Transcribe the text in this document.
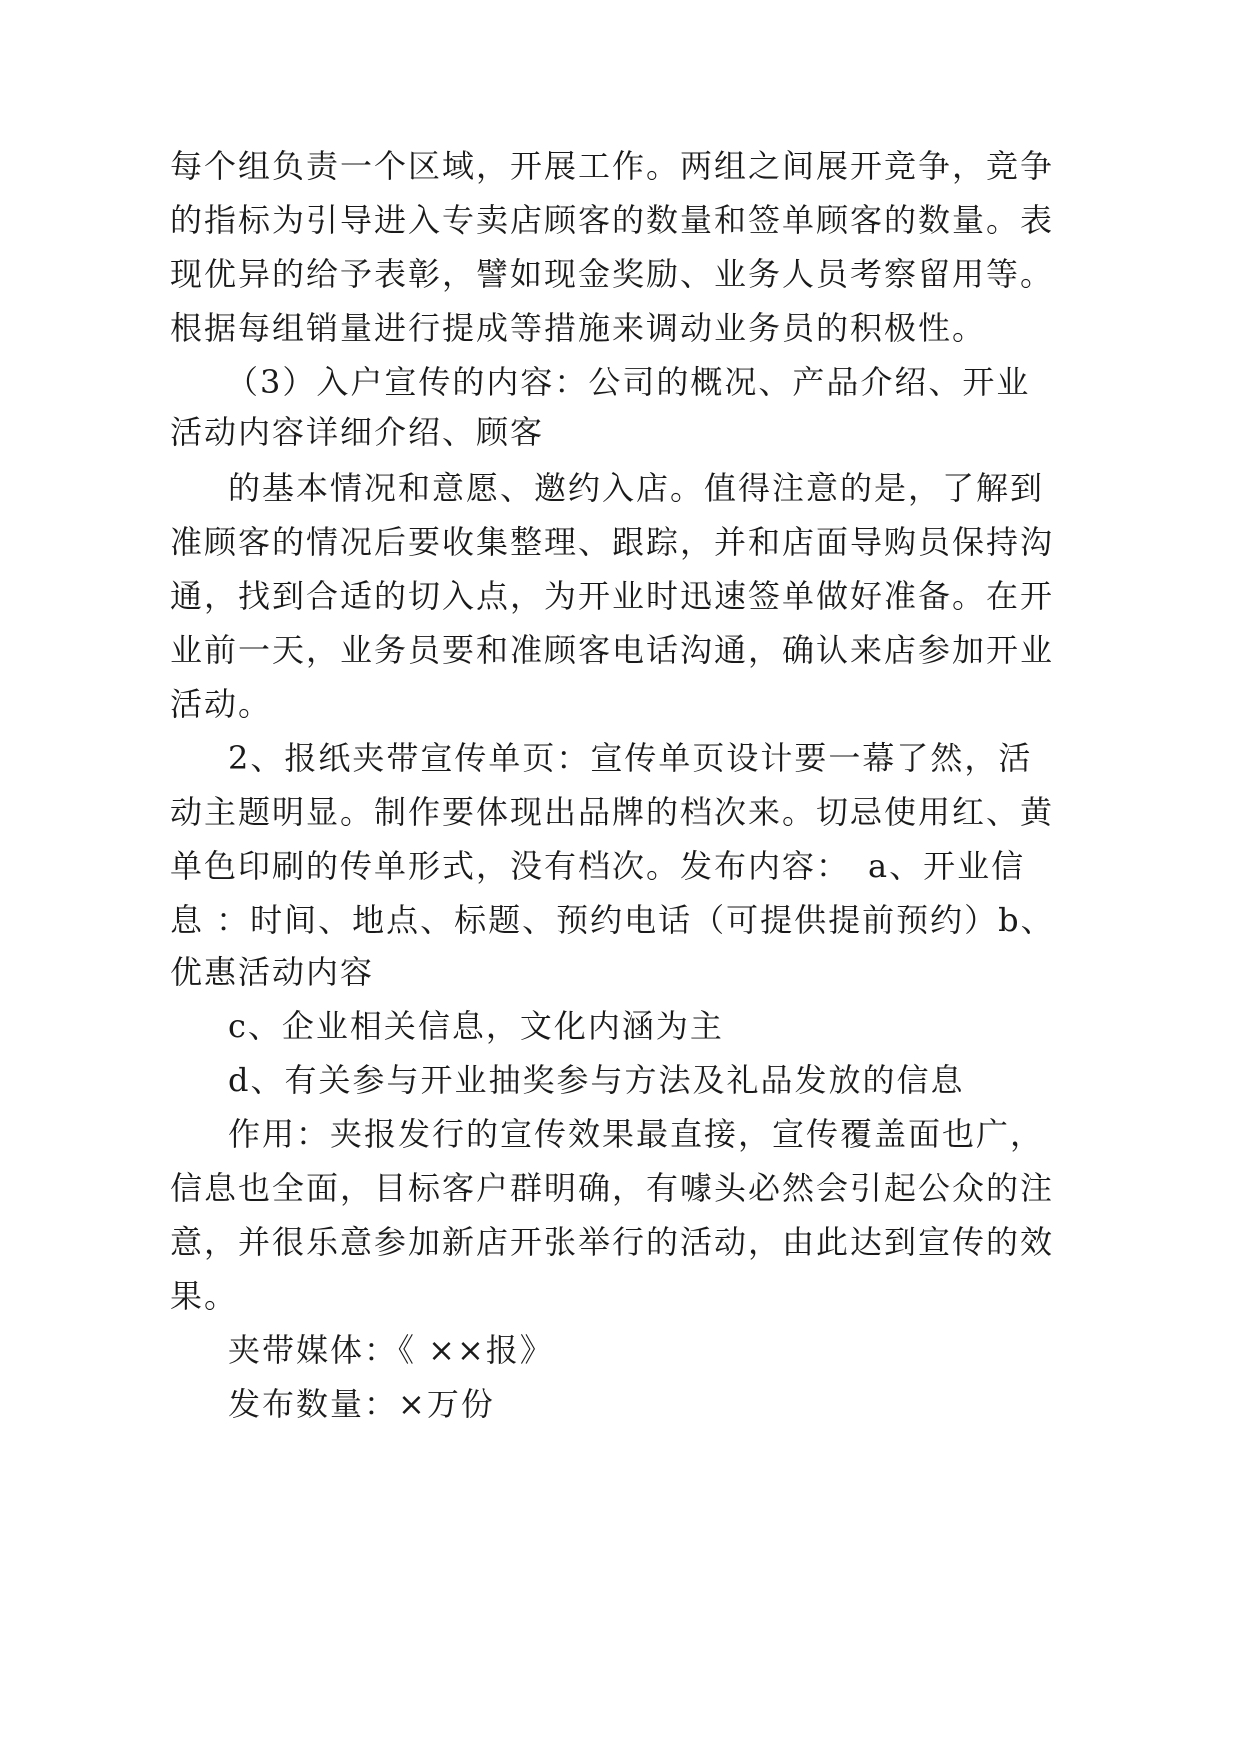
每个组负责一个区域，开展工作。两组之间展开竞争，竞争
的指标为引导进入专卖店顾客的数量和签单顾客的数量。表
现优异的给予表彰，譬如现金奖励、业务人员考察留用等。
根据每组销量进行提成等措施来调动业务员的积极性。
（3）入户宣传的内容：公司的概况、产品介绍、开业
活动内容详细介绍、顾客
的基本情况和意愿、邀约入店。值得注意的是，了解到
准顾客的情况后要收集整理、跟踪，并和店面导购员保持沟
通，找到合适的切入点，为开业时迅速签单做好准备。在开
业前一天，业务员要和准顾客电话沟通，确认来店参加开业
活动。
2、报纸夹带宣传单页：宣传单页设计要一幕了然，活
动主题明显。制作要体现出品牌的档次来。切忌使用红、黄
单色印刷的传单形式，没有档次。发布内容：　a、开业信
息 ：时间、地点、标题、预约电话（可提供提前预约）b、
优惠活动内容
c、企业相关信息，文化内涵为主
d、有关参与开业抽奖参与方法及礼品发放的信息
作用：夹报发行的宣传效果最直接，宣传覆盖面也广，
信息也全面，目标客户群明确，有噱头必然会引起公众的注
意，并很乐意参加新店开张举行的活动，由此达到宣传的效
果。
夹带媒体：《 ××报》
发布数量：×万份
